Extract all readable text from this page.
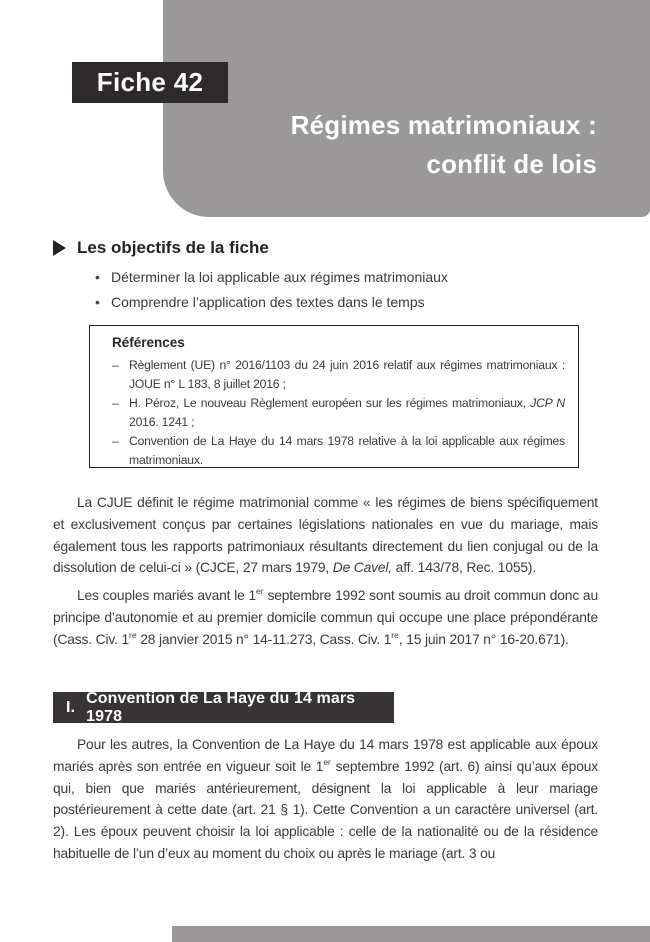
Régimes matrimoniaux :
conflit de lois
Fiche 42
Les objectifs de la fiche
• Déterminer la loi applicable aux régimes matrimoniaux
• Comprendre l’application des textes dans le temps
Références
– Règlement (UE) n° 2016/1103 du 24 juin 2016 relatif aux régimes matrimoniaux : JOUE n° L 183, 8 juillet 2016 ;
– H. Péroz, Le nouveau Règlement européen sur les régimes matrimoniaux, JCP N 2016. 1241 ;
– Convention de La Haye du 14 mars 1978 relative à la loi applicable aux régimes matrimoniaux.

La CJUE définit le régime matrimonial comme « les régimes de biens spécifiquement et exclusivement conçus par certaines législations nationales en vue du mariage, mais également tous les rapports patrimoniaux résultants directement du lien conjugal ou de la dissolution de celui-ci » (CJCE, 27 mars 1979, De Cavel, aff. 143/78, Rec. 1055).

Les couples mariés avant le 1er septembre 1992 sont soumis au droit commun donc au principe d’autonomie et au premier domicile commun qui occupe une place prépondérante (Cass. Civ. 1re 28 janvier 2015 n° 14-11.273, Cass. Civ. 1re, 15 juin 2017 n° 16-20.671).

I.
Convention de La Haye du 14 mars 1978

Pour les autres, la Convention de La Haye du 14 mars 1978 est applicable aux époux mariés après son entrée en vigueur soit le 1er septembre 1992 (art. 6) ainsi qu’aux époux qui, bien que mariés antérieurement, désignent la loi applicable à leur mariage postérieurement à cette date (art. 21 § 1). Cette Convention a un caractère universel (art. 2). Les époux peuvent choisir la loi applicable : celle de la nationalité ou de la résidence habituelle de l’un d’eux au moment du choix ou après le mariage (art. 3 ou
